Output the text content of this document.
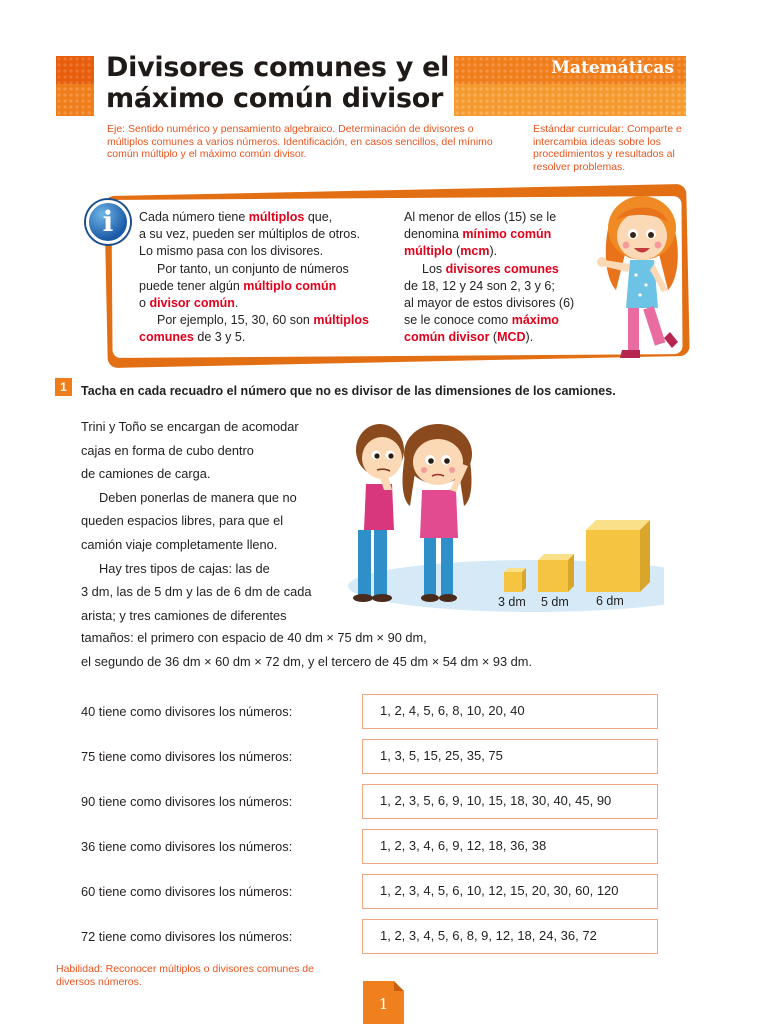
Divisores comunes y el
máximo común divisor
Matemáticas

Eje: Sentido numérico y pensamiento algebraico. Determinación de divisores o múltiplos comunes a varios números. Identificación, en casos sencillos, del mínimo común múltiplo y el máximo común divisor.

Estándar curricular: Comparte e intercambia ideas sobre los procedimientos y resultados al resolver problemas.

i	Cada número tiene múltiplos que,
a su vez, pueden ser múltiplos de otros.
Lo mismo pasa con los divisores.
Por tanto, un conjunto de números
puede tener algún múltiplo común
o divisor común.
Por ejemplo, 15, 30, 60 son múltiplos
comunes de 3 y 5.
Al menor de ellos (15) se le
denomina mínimo común
múltiplo (mcm).
Los divisores comunes
de 18, 12 y 24 son 2, 3 y 6;
al mayor de estos divisores (6)
se le conoce como máximo
común divisor (MCD).
1	Tacha en cada recuadro el número que no es divisor de las dimensiones de los camiones.

Trini y Toño se encargan de acomodar
cajas en forma de cubo dentro
de camiones de carga.
Deben ponerlas de manera que no
queden espacios libres, para que el
camión viaje completamente lleno.
Hay tres tipos de cajas: las de
3 dm, las de 5 dm y las de 6 dm de cada
arista; y tres camiones de diferentes
tamaños: el primero con espacio de 40 dm × 75 dm × 90 dm,
el segundo de 36 dm × 60 dm × 72 dm, y el tercero de 45 dm × 54 dm × 93 dm.
3 dm 5 dm 6 dm
40 tiene como divisores los números:	1, 2, 4, 5, 6, 8, 10, 20, 40
75 tiene como divisores los números:	1, 3, 5, 15, 25, 35, 75
90 tiene como divisores los números:	1, 2, 3, 5, 6, 9, 10, 15, 18, 30, 40, 45, 90
36 tiene como divisores los números:	1, 2, 3, 4, 6, 9, 12, 18, 36, 38
60 tiene como divisores los números:	1, 2, 3, 4, 5, 6, 10, 12, 15, 20, 30, 60, 120
72 tiene como divisores los números:	1, 2, 3, 4, 5, 6, 8, 9, 12, 18, 24, 36, 72

Habilidad: Reconocer múltiplos o divisores comunes de diversos números.

1
